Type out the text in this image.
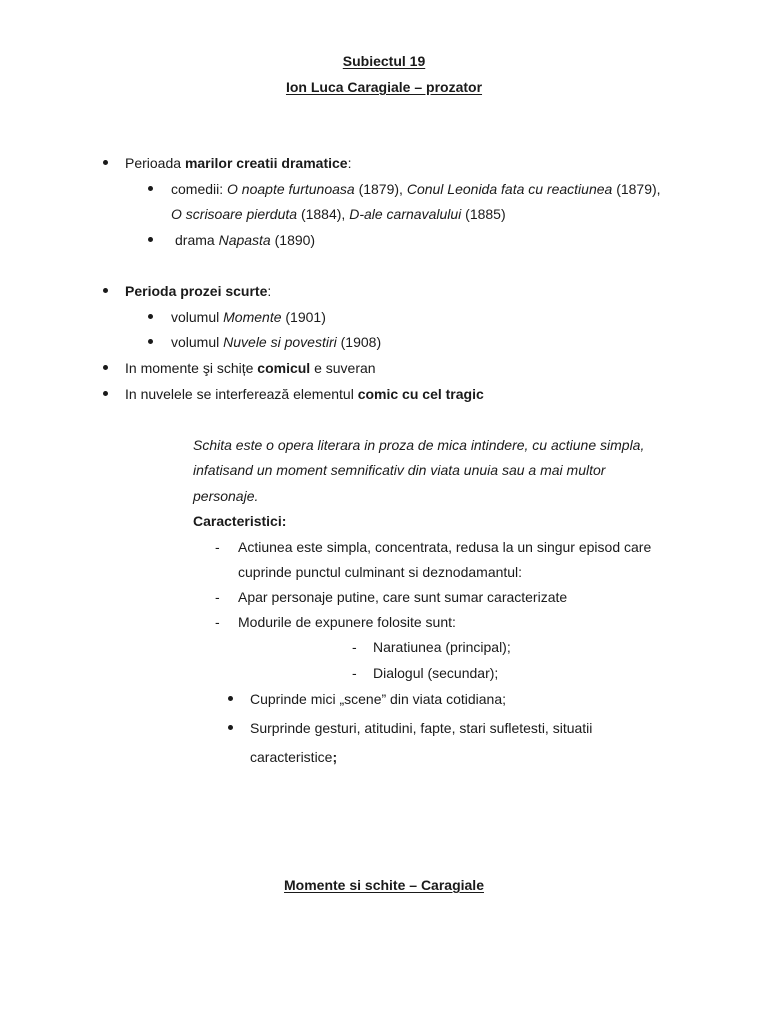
Subiectul 19
Ion Luca Caragiale – prozator
Perioada marilor creatii dramatice:
comedii: O noapte furtunoasa (1879), Conul Leonida fata cu reactiunea (1879),
O scrisoare pierduta (1884), D-ale carnavalului (1885)
drama Napasta (1890)
Perioda prozei scurte:
volumul Momente (1901)
volumul Nuvele si povestiri (1908)
In momente şi schițe comicul e suveran
In nuvelele se interferează elementul comic cu cel tragic
Schita este o opera literara in proza de mica intindere, cu actiune simpla,
infatisand un moment semnificativ din viata unuia sau a mai multor
personaje.
Caracteristici:
- Actiunea este simpla, concentrata, redusa la un singur episod care
cuprinde punctul culminant si deznodamantul:
- Apar personaje putine, care sunt sumar caracterizate
- Modurile de expunere folosite sunt:
- Naratiunea (principal);
- Dialogul (secundar);
Cuprinde mici „scene” din viata cotidiana;
Surprinde gesturi, atitudini, fapte, stari sufletesti, situatii
caracteristice;
Momente si schite – Caragiale
